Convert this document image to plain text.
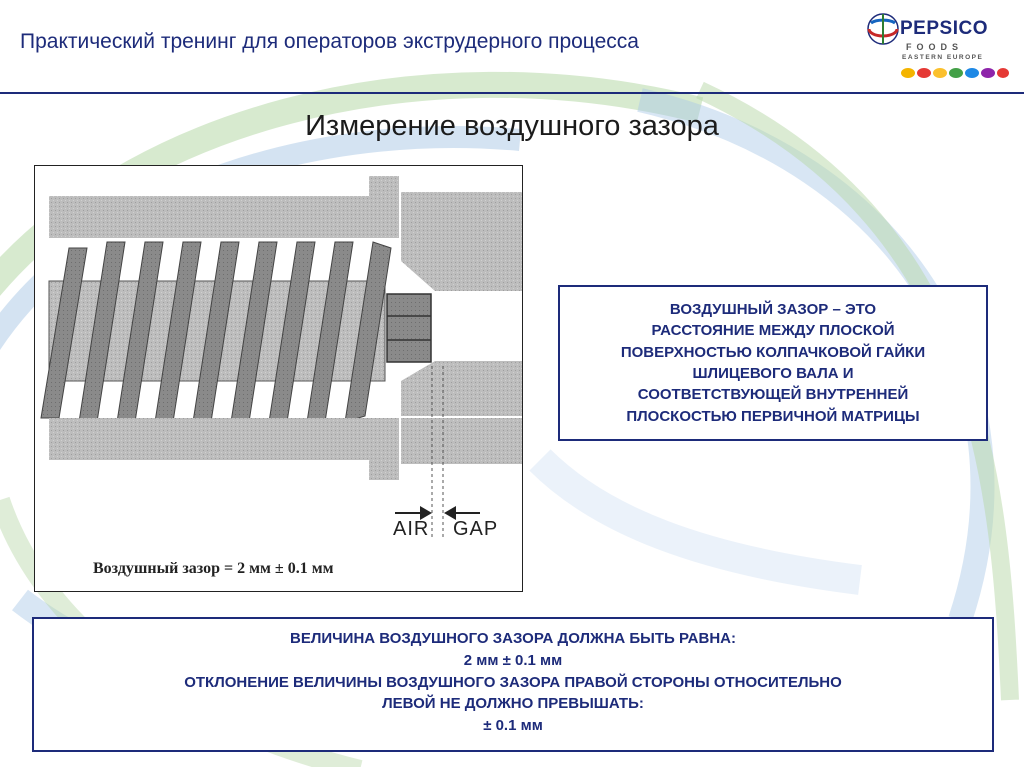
Практический тренинг для операторов экструдерного процесса
PEPSICO
FOODS
EASTERN EUROPE
Измерение воздушного зазора
AIR GAP
Воздушный зазор = 2 мм ± 0.1 мм
ВОЗДУШНЫЙ ЗАЗОР – ЭТО
РАССТОЯНИЕ МЕЖДУ ПЛОСКОЙ
ПОВЕРХНОСТЬЮ КОЛПАЧКОВОЙ ГАЙКИ
ШЛИЦЕВОГО ВАЛА И
СООТВЕТСТВУЮЩЕЙ ВНУТРЕННЕЙ
ПЛОСКОСТЬЮ ПЕРВИЧНОЙ МАТРИЦЫ
ВЕЛИЧИНА ВОЗДУШНОГО ЗАЗОРА ДОЛЖНА БЫТЬ РАВНА:
2 мм ± 0.1 мм
ОТКЛОНЕНИЕ ВЕЛИЧИНЫ ВОЗДУШНОГО ЗАЗОРА ПРАВОЙ СТОРОНЫ ОТНОСИТЕЛЬНО
ЛЕВОЙ НЕ ДОЛЖНО ПРЕВЫШАТЬ:
± 0.1 мм
